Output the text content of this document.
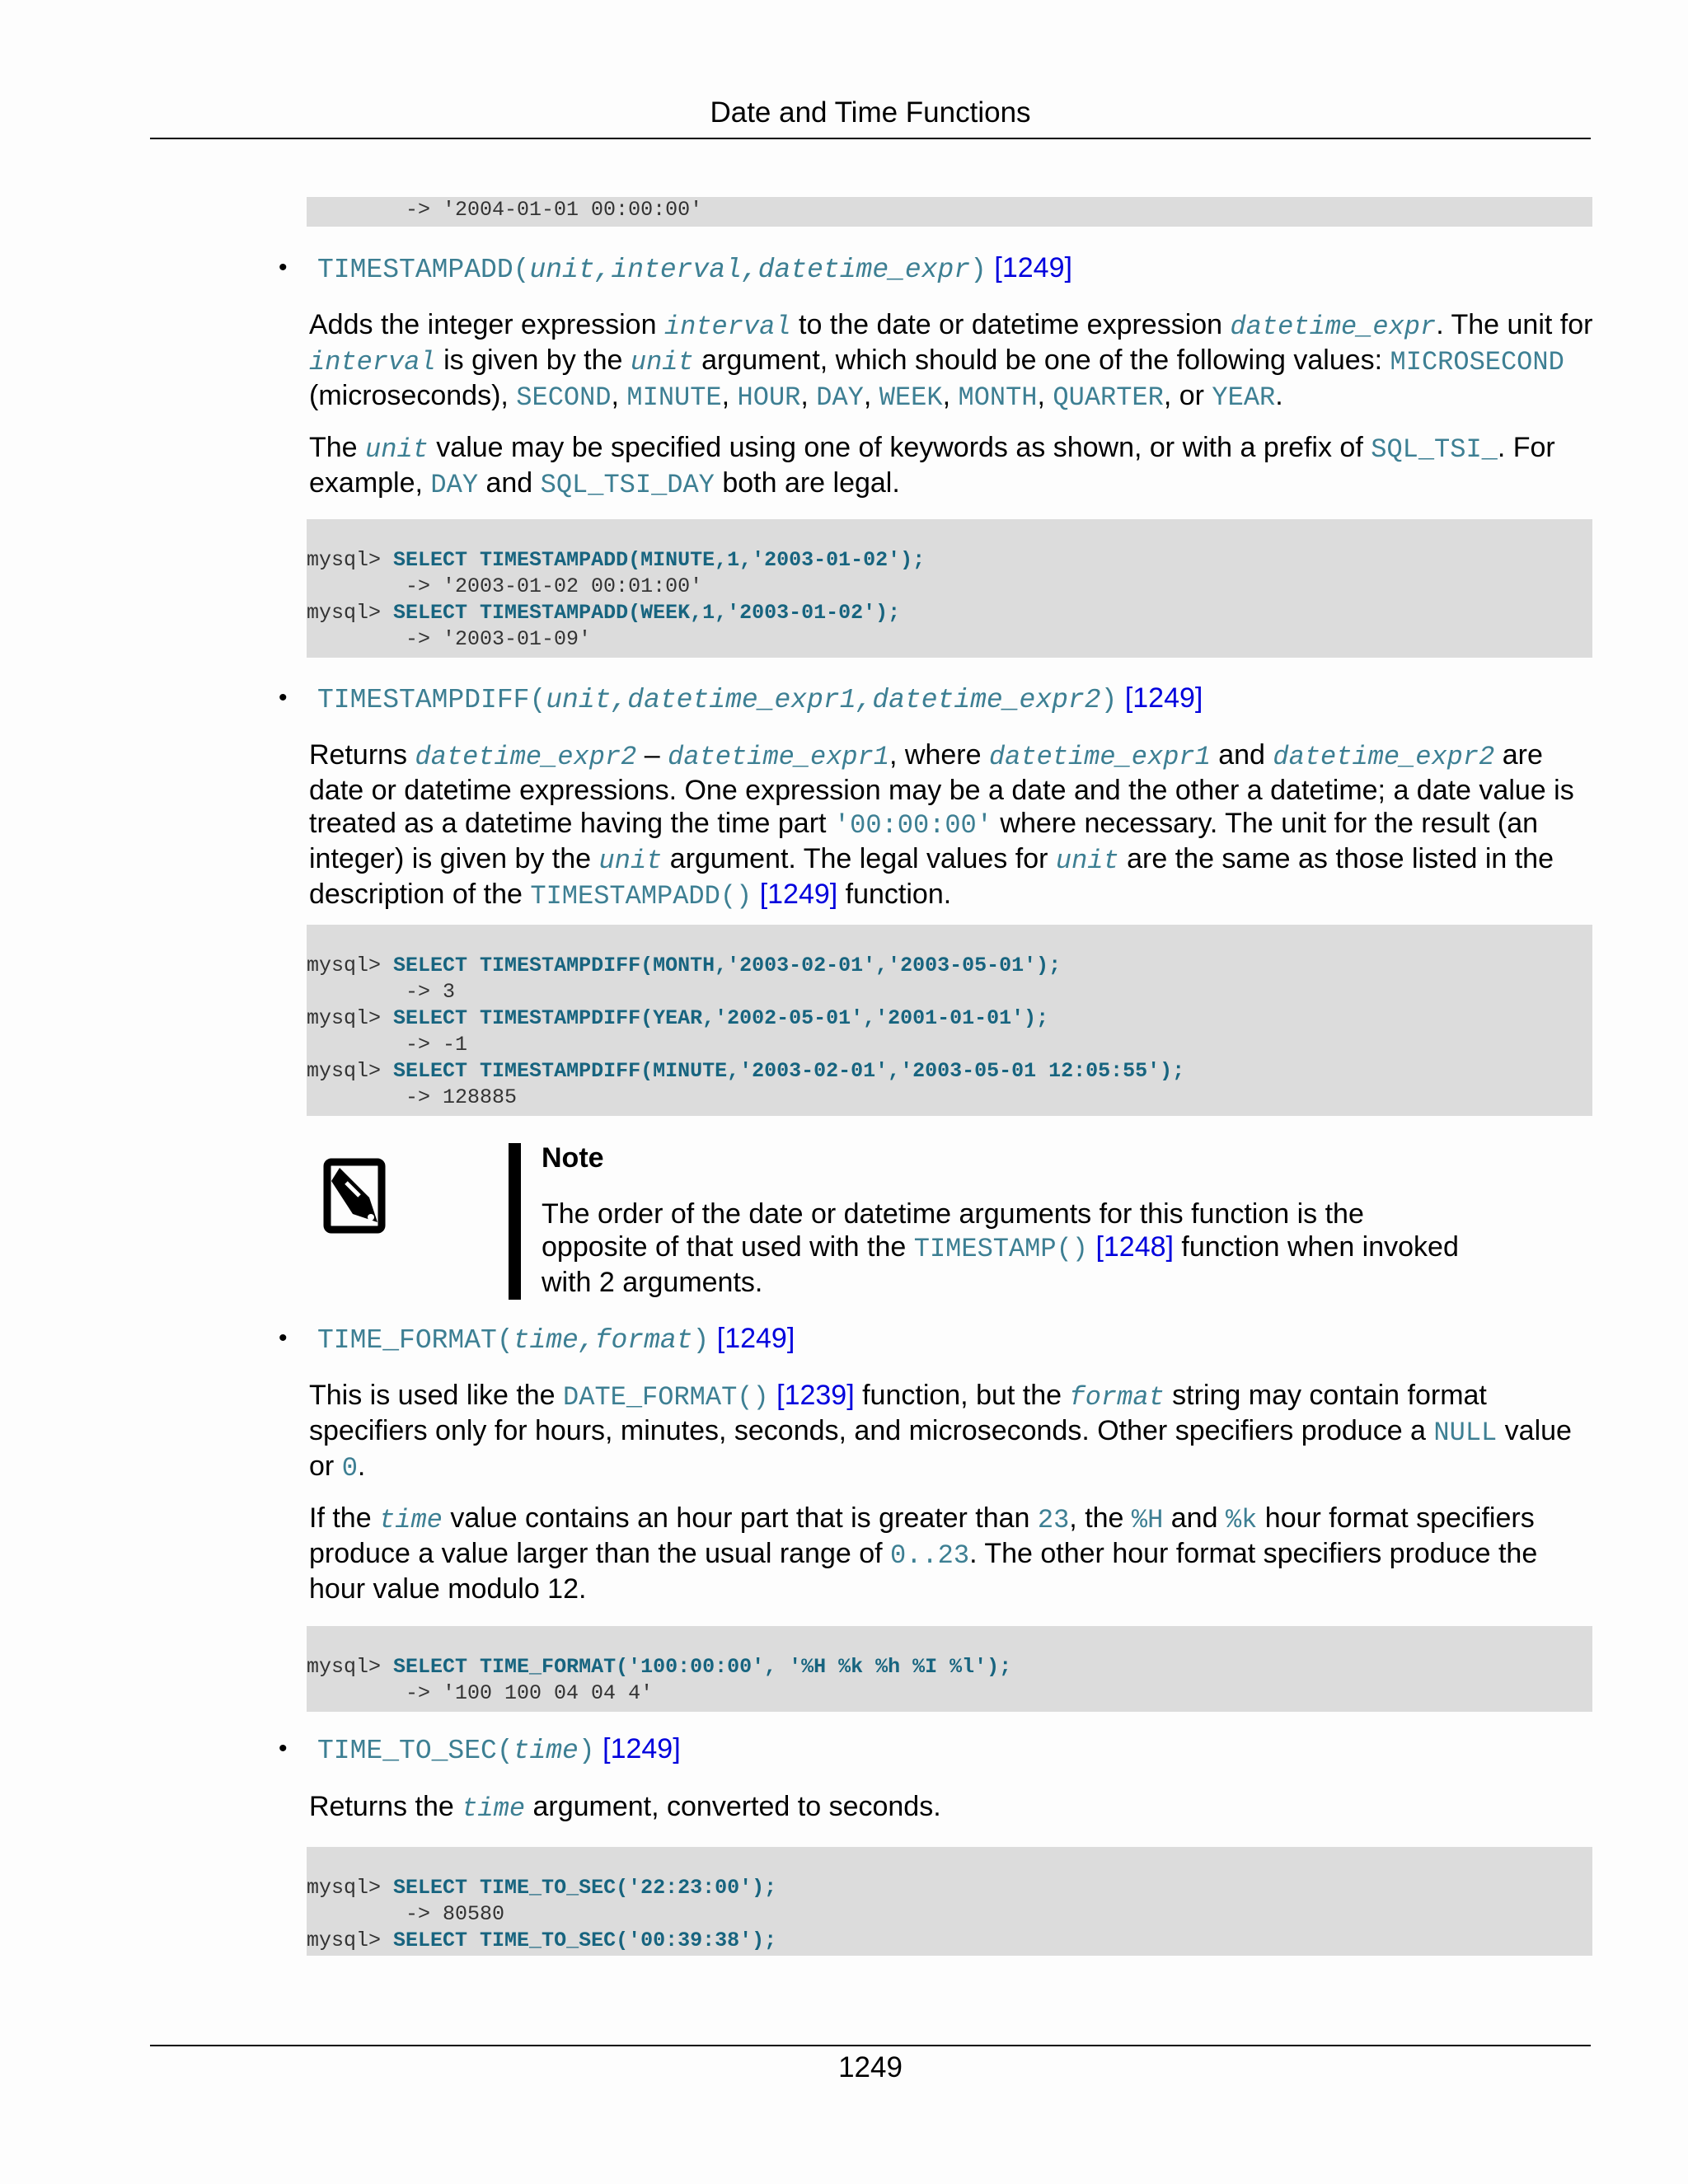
Date and Time Functions
-> '2004-01-01 00:00:00'
• TIMESTAMPADD(unit,interval,datetime_expr) [1249]
Adds the integer expression interval to the date or datetime expression datetime_expr. The unit for interval is given by the unit argument, which should be one of the following values: MICROSECOND (microseconds), SECOND, MINUTE, HOUR, DAY, WEEK, MONTH, QUARTER, or YEAR.
The unit value may be specified using one of keywords as shown, or with a prefix of SQL_TSI_. For example, DAY and SQL_TSI_DAY both are legal.
mysql> SELECT TIMESTAMPADD(MINUTE,1,'2003-01-02');
-> '2003-01-02 00:01:00'
mysql> SELECT TIMESTAMPADD(WEEK,1,'2003-01-02');
-> '2003-01-09'
• TIMESTAMPDIFF(unit,datetime_expr1,datetime_expr2) [1249]
Returns datetime_expr2 – datetime_expr1, where datetime_expr1 and datetime_expr2 are date or datetime expressions. One expression may be a date and the other a datetime; a date value is treated as a datetime having the time part '00:00:00' where necessary. The unit for the result (an integer) is given by the unit argument. The legal values for unit are the same as those listed in the description of the TIMESTAMPADD() [1249] function.
mysql> SELECT TIMESTAMPDIFF(MONTH,'2003-02-01','2003-05-01');
-> 3
mysql> SELECT TIMESTAMPDIFF(YEAR,'2002-05-01','2001-01-01');
-> -1
mysql> SELECT TIMESTAMPDIFF(MINUTE,'2003-02-01','2003-05-01 12:05:55');
-> 128885
Note
The order of the date or datetime arguments for this function is the opposite of that used with the TIMESTAMP() [1248] function when invoked with 2 arguments.
• TIME_FORMAT(time,format) [1249]
This is used like the DATE_FORMAT() [1239] function, but the format string may contain format specifiers only for hours, minutes, seconds, and microseconds. Other specifiers produce a NULL value or 0.
If the time value contains an hour part that is greater than 23, the %H and %k hour format specifiers produce a value larger than the usual range of 0..23. The other hour format specifiers produce the hour value modulo 12.
mysql> SELECT TIME_FORMAT('100:00:00', '%H %k %h %I %l');
-> '100 100 04 04 4'
• TIME_TO_SEC(time) [1249]
Returns the time argument, converted to seconds.
mysql> SELECT TIME_TO_SEC('22:23:00');
-> 80580
mysql> SELECT TIME_TO_SEC('00:39:38');
1249
